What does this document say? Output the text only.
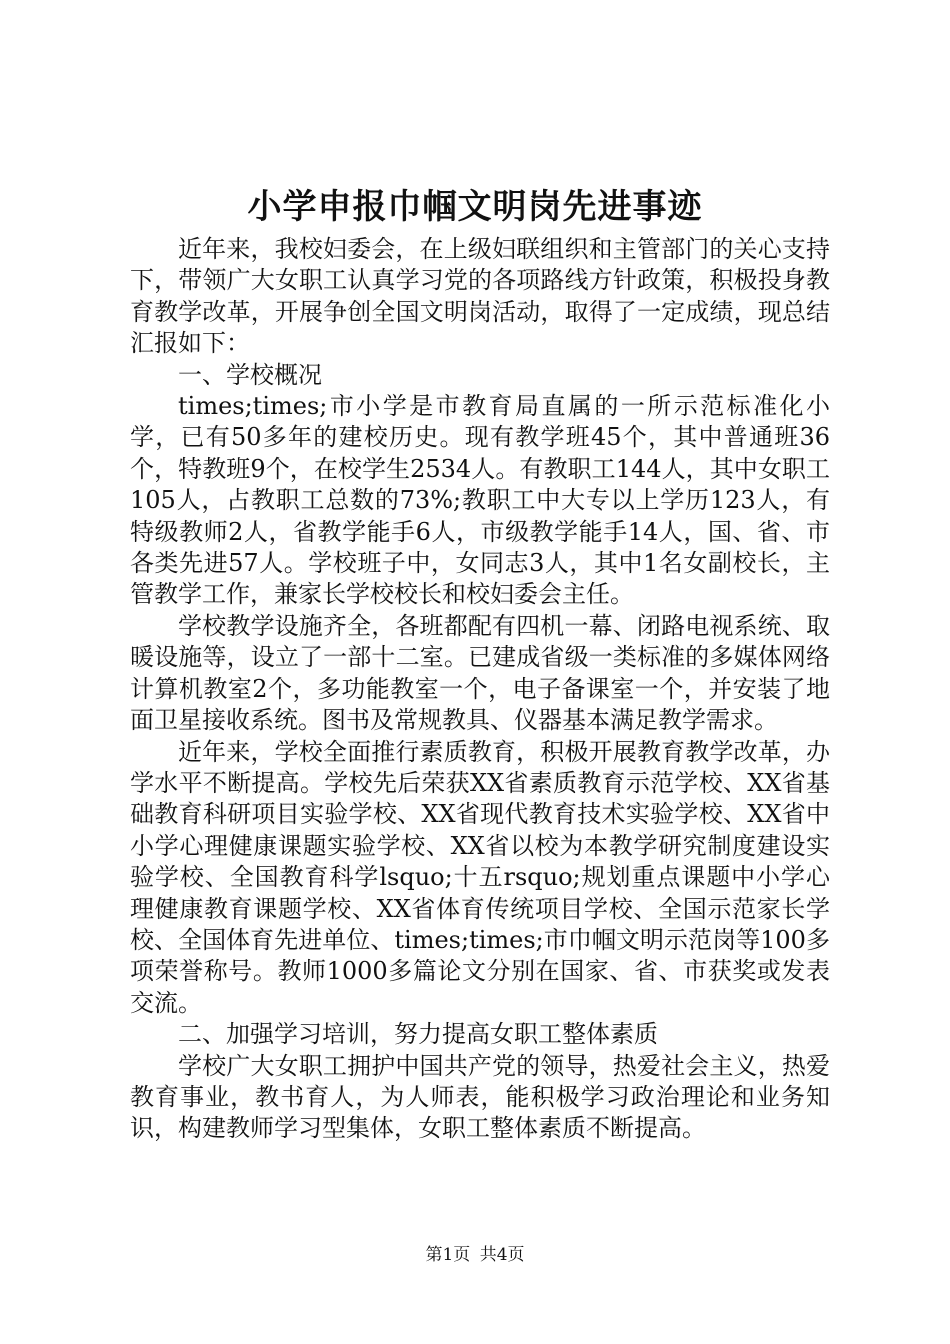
小学申报巾帼文明岗先进事迹

近年来，我校妇委会，在上级妇联组织和主管部门的关心支持下，带领广大女职工认真学习党的各项路线方针政策，积极投身教育教学改革，开展争创全国文明岗活动，取得了一定成绩，现总结汇报如下：

一、学校概况

times;times;市小学是市教育局直属的一所示范标准化小学，已有50多年的建校历史。现有教学班45个，其中普通班36个，特教班9个，在校学生2534人。有教职工144人，其中女职工105人，占教职工总数的73%;教职工中大专以上学历123人，有特级教师2人，省教学能手6人，市级教学能手14人，国、省、市各类先进57人。学校班子中，女同志3人，其中1名女副校长，主管教学工作，兼家长学校校长和校妇委会主任。

学校教学设施齐全，各班都配有四机一幕、闭路电视系统、取暖设施等，设立了一部十二室。已建成省级一类标准的多媒体网络计算机教室2个，多功能教室一个，电子备课室一个，并安装了地面卫星接收系统。图书及常规教具、仪器基本满足教学需求。

近年来，学校全面推行素质教育，积极开展教育教学改革，办学水平不断提高。学校先后荣获XX省素质教育示范学校、XX省基础教育科研项目实验学校、XX省现代教育技术实验学校、XX省中小学心理健康课题实验学校、XX省以校为本教学研究制度建设实验学校、全国教育科学lsquo;十五rsquo;规划重点课题中小学心理健康教育课题学校、XX省体育传统项目学校、全国示范家长学校、全国体育先进单位、times;times;市巾帼文明示范岗等100多项荣誉称号。教师1000多篇论文分别在国家、省、市获奖或发表交流。

二、加强学习培训，努力提高女职工整体素质

学校广大女职工拥护中国共产党的领导，热爱社会主义，热爱教育事业，教书育人，为人师表，能积极学习政治理论和业务知识，构建教师学习型集体，女职工整体素质不断提高。

第1页 共4页
